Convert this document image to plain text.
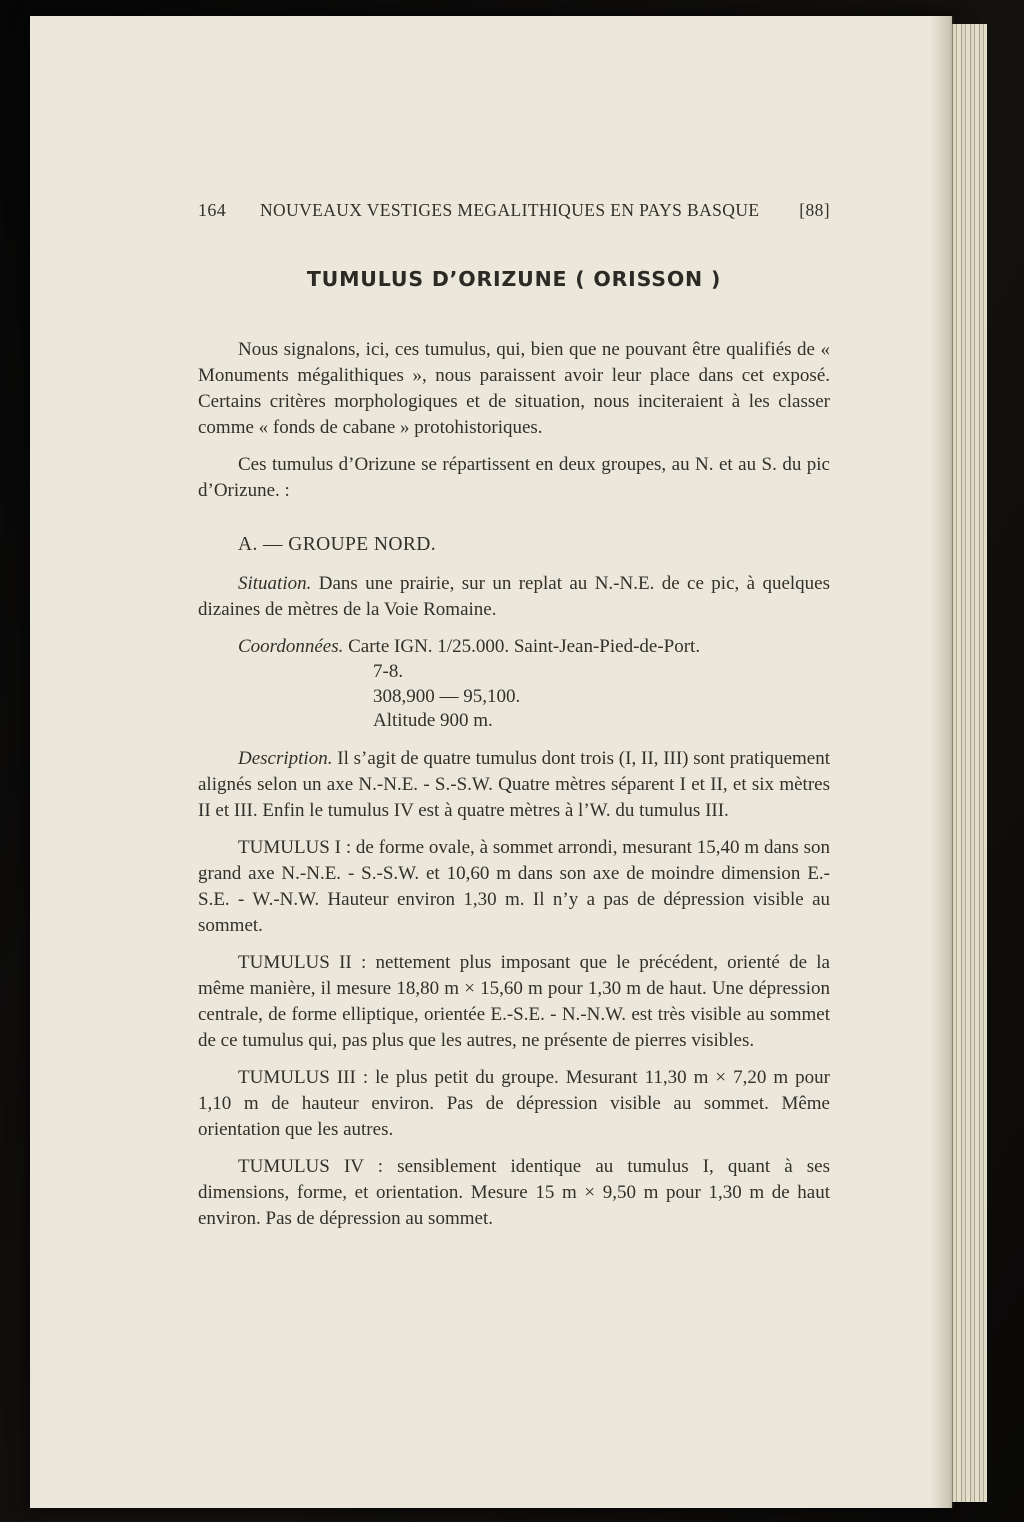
164	NOUVEAUX VESTIGES MEGALITHIQUES EN PAYS BASQUE	[88]
TUMULUS D’ORIZUNE ( ORISSON )

Nous signalons, ici, ces tumulus, qui, bien que ne pouvant être qualifiés de « Monuments mégalithiques », nous paraissent avoir leur place dans cet exposé. Certains critères morphologiques et de situation, nous inciteraient à les classer comme « fonds de cabane » protohistoriques.

Ces tumulus d’Orizune se répartissent en deux groupes, au N. et au S. du pic d’Orizune. :

A. — GROUPE NORD.

Situation. Dans une prairie, sur un replat au N.-N.E. de ce pic, à quelques dizaines de mètres de la Voie Romaine.

Coordonnées. Carte IGN. 1/25.000. Saint-Jean-Pied-de-Port.

7-8.
308,900 — 95,100.
Altitude 900 m.

Description. Il s’agit de quatre tumulus dont trois (I, II, III) sont pratiquement alignés selon un axe N.-N.E. - S.-S.W. Quatre mètres séparent I et II, et six mètres II et III. Enfin le tumulus IV est à quatre mètres à l’W. du tumulus III.

TUMULUS I : de forme ovale, à sommet arrondi, mesurant 15,40 m dans son grand axe N.-N.E. - S.-S.W. et 10,60 m dans son axe de moindre dimension E.-S.E. - W.-N.W. Hauteur environ 1,30 m. Il n’y a pas de dépression visible au sommet.

TUMULUS II : nettement plus imposant que le précédent, orienté de la même manière, il mesure 18,80 m × 15,60 m pour 1,30 m de haut. Une dépression centrale, de forme elliptique, orientée E.-S.E. - N.-N.W. est très visible au sommet de ce tumulus qui, pas plus que les autres, ne présente de pierres visibles.

TUMULUS III : le plus petit du groupe. Mesurant 11,30 m × 7,20 m pour 1,10 m de hauteur environ. Pas de dépression visible au sommet. Même orientation que les autres.

TUMULUS IV : sensiblement identique au tumulus I, quant à ses dimensions, forme, et orientation. Mesure 15 m × 9,50 m pour 1,30 m de haut environ. Pas de dépression au sommet.
